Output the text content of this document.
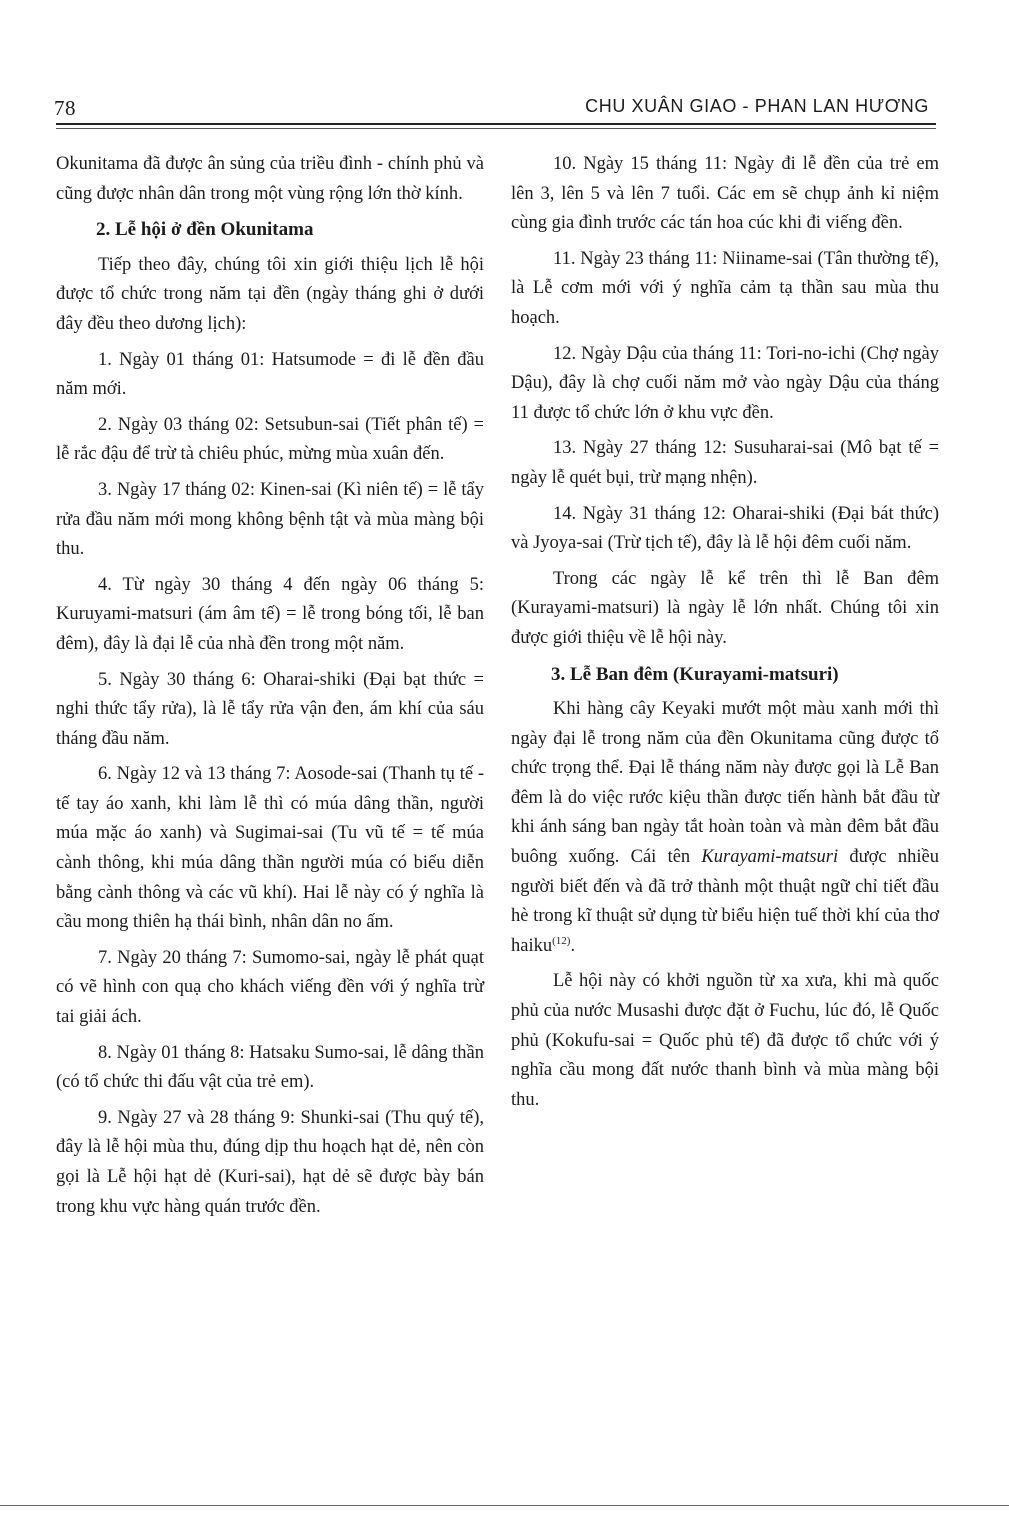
78	CHU XUÂN GIAO - PHAN LAN HƯƠNG

Okunitama đã được ân sủng của triều đình - chính phủ và cũng được nhân dân trong một vùng rộng lớn thờ kính.

2. Lễ hội ở đền Okunitama

Tiếp theo đây, chúng tôi xin giới thiệu lịch lễ hội được tổ chức trong năm tại đền (ngày tháng ghi ở dưới đây đều theo dương lịch):

1. Ngày 01 tháng 01: Hatsumode = đi lễ đền đầu năm mới.

2. Ngày 03 tháng 02: Setsubun-sai (Tiết phân tế) = lễ rắc đậu để trừ tà chiêu phúc, mừng mùa xuân đến.

3. Ngày 17 tháng 02: Kinen-sai (Kì niên tế) = lễ tẩy rửa đầu năm mới mong không bệnh tật và mùa màng bội thu.

4. Từ ngày 30 tháng 4 đến ngày 06 tháng 5: Kuruyami-matsuri (ám âm tế) = lễ trong bóng tối, lễ ban đêm), đây là đại lễ của nhà đền trong một năm.

5. Ngày 30 tháng 6: Oharai-shiki (Đại bạt thức = nghi thức tẩy rửa), là lễ tẩy rửa vận đen, ám khí của sáu tháng đầu năm.

6. Ngày 12 và 13 tháng 7: Aosode-sai (Thanh tụ tế - tế tay áo xanh, khi làm lễ thì có múa dâng thần, người múa mặc áo xanh) và Sugimai-sai (Tu vũ tế = tế múa cành thông, khi múa dâng thần người múa có biểu diễn bằng cành thông và các vũ khí). Hai lễ này có ý nghĩa là cầu mong thiên hạ thái bình, nhân dân no ấm.

7. Ngày 20 tháng 7: Sumomo-sai, ngày lễ phát quạt có vẽ hình con quạ cho khách viếng đền với ý nghĩa trừ tai giải ách.

8. Ngày 01 tháng 8: Hatsaku Sumo-sai, lễ dâng thần (có tổ chức thi đấu vật của trẻ em).

9. Ngày 27 và 28 tháng 9: Shunki-sai (Thu quý tế), đây là lễ hội mùa thu, đúng dịp thu hoạch hạt dẻ, nên còn gọi là Lễ hội hạt dẻ (Kuri-sai), hạt dẻ sẽ được bày bán trong khu vực hàng quán trước đền.

10. Ngày 15 tháng 11: Ngày đi lễ đền của trẻ em lên 3, lên 5 và lên 7 tuổi. Các em sẽ chụp ảnh kỉ niệm cùng gia đình trước các tán hoa cúc khi đi viếng đền.

11. Ngày 23 tháng 11: Niiname-sai (Tân thường tế), là Lễ cơm mới với ý nghĩa cảm tạ thần sau mùa thu hoạch.

12. Ngày Dậu của tháng 11: Tori-no-ichi (Chợ ngày Dậu), đây là chợ cuối năm mở vào ngày Dậu của tháng 11 được tổ chức lớn ở khu vực đền.

13. Ngày 27 tháng 12: Susuharai-sai (Mô bạt tế = ngày lễ quét bụi, trừ mạng nhện).

14. Ngày 31 tháng 12: Oharai-shiki (Đại bát thức) và Jyoya-sai (Trừ tịch tế), đây là lễ hội đêm cuối năm.

Trong các ngày lễ kể trên thì lễ Ban đêm (Kurayami-matsuri) là ngày lễ lớn nhất. Chúng tôi xin được giới thiệu về lễ hội này.

3. Lễ Ban đêm (Kurayami-matsuri)

Khi hàng cây Keyaki mướt một màu xanh mới thì ngày đại lễ trong năm của đền Okunitama cũng được tổ chức trọng thể. Đại lễ tháng năm này được gọi là Lễ Ban đêm là do việc rước kiệu thần được tiến hành bắt đầu từ khi ánh sáng ban ngày tắt hoàn toàn và màn đêm bắt đầu buông xuống. Cái tên Kurayami-matsuri được nhiều người biết đến và đã trở thành một thuật ngữ chỉ tiết đầu hè trong kĩ thuật sử dụng từ biểu hiện tuế thời khí của thơ haiku$^{(12)}$.

Lễ hội này có khởi nguồn từ xa xưa, khi mà quốc phủ của nước Musashi được đặt ở Fuchu, lúc đó, lễ Quốc phủ (Kokufu-sai = Quốc phủ tế) đã được tổ chức với ý nghĩa cầu mong đất nước thanh bình và mùa màng bội thu.
